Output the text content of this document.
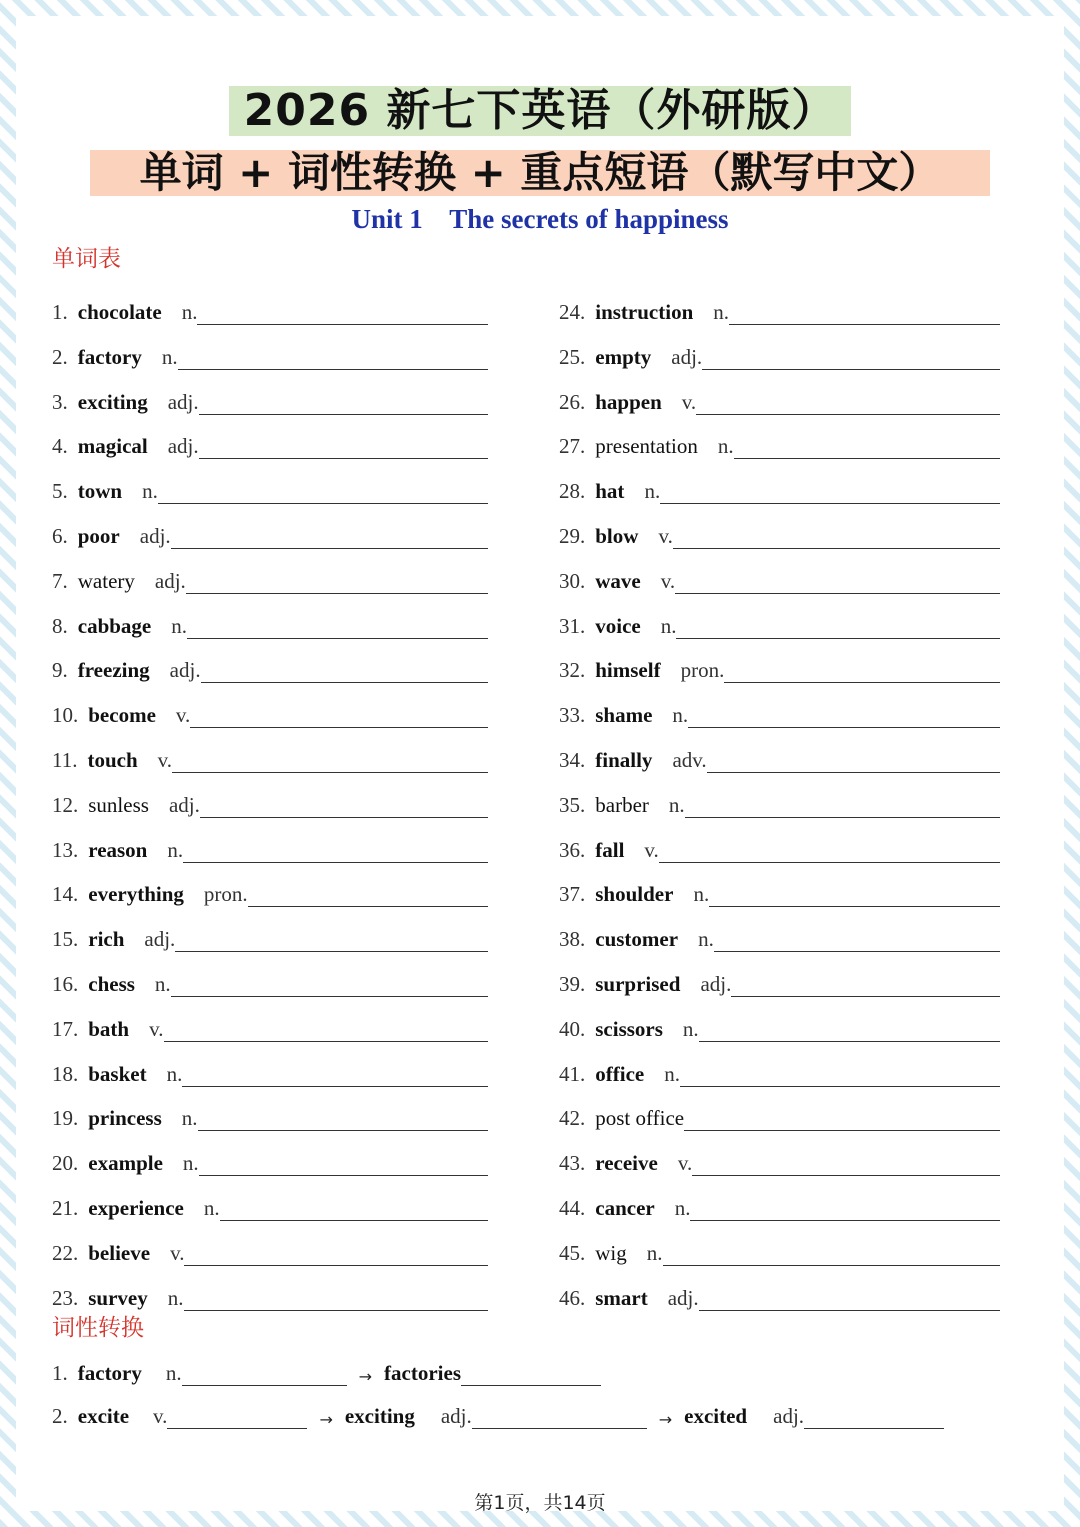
2026 新七下英语（外研版）
单词 + 词性转换 + 重点短语（默写中文）
Unit 1    The secrets of happiness
单词表
1. chocolate n.
2. factory n.
3. exciting adj.
4. magical adj.
5. town n.
6. poor adj.
7. watery adj.
8. cabbage n.
9. freezing adj.
10. become v.
11. touch v.
12. sunless adj.
13. reason n.
14. everything pron.
15. rich adj.
16. chess n.
17. bath v.
18. basket n.
19. princess n.
20. example n.
21. experience n.
22. believe v.
23. survey n.
24. instruction n.
25. empty adj.
26. happen v.
27. presentation n.
28. hat n.
29. blow v.
30. wave v.
31. voice n.
32. himself pron.
33. shame n.
34. finally adv.
35. barber n.
36. fall v.
37. shoulder n.
38. customer n.
39. surprised adj.
40. scissors n.
41. office n.
42. post office
43. receive v.
44. cancer n.
45. wig n.
46. smart adj.
词性转换
1. factory n.	→ factories
2. excite v.	→ exciting adj.	→ excited adj.
第1页，共14页
